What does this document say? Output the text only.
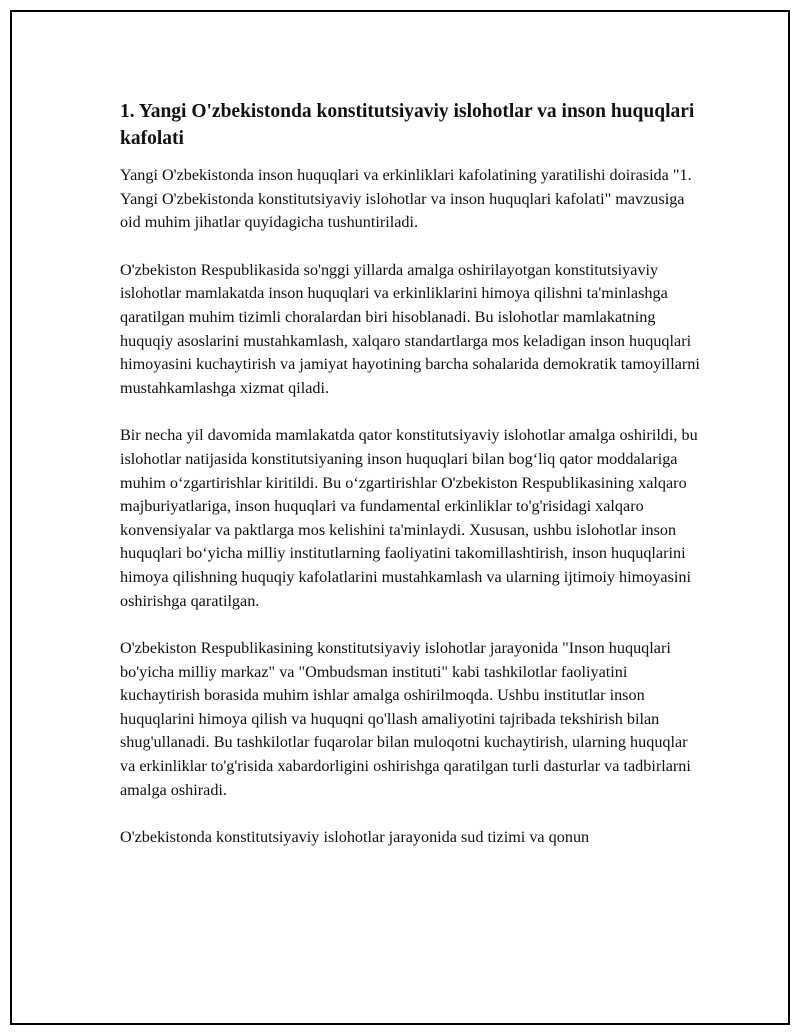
1. Yangi O'zbekistonda konstitutsiyaviy islohotlar va inson huquqlari kafolati

Yangi O'zbekistonda inson huquqlari va erkinliklari kafolatining yaratilishi doirasida "1. Yangi O'zbekistonda konstitutsiyaviy islohotlar va inson huquqlari kafolati" mavzusiga oid muhim jihatlar quyidagicha tushuntiriladi.

O'zbekiston Respublikasida so'nggi yillarda amalga oshirilayotgan konstitutsiyaviy islohotlar mamlakatda inson huquqlari va erkinliklarini himoya qilishni ta'minlashga qaratilgan muhim tizimli choralardan biri hisoblanadi. Bu islohotlar mamlakatning huquqiy asoslarini mustahkamlash, xalqaro standartlarga mos keladigan inson huquqlari himoyasini kuchaytirish va jamiyat hayotining barcha sohalarida demokratik tamoyillarni mustahkamlashga xizmat qiladi.

Bir necha yil davomida mamlakatda qator konstitutsiyaviy islohotlar amalga oshirildi, bu islohotlar natijasida konstitutsiyaning inson huquqlari bilan bog‘liq qator moddalariga muhim o‘zgartirishlar kiritildi. Bu o‘zgartirishlar O'zbekiston Respublikasining xalqaro majburiyatlariga, inson huquqlari va fundamental erkinliklar to'g'risidagi xalqaro konvensiyalar va paktlarga mos kelishini ta'minlaydi. Xususan, ushbu islohotlar inson huquqlari bo‘yicha milliy institutlarning faoliyatini takomillashtirish, inson huquqlarini himoya qilishning huquqiy kafolatlarini mustahkamlash va ularning ijtimoiy himoyasini oshirishga qaratilgan.

O'zbekiston Respublikasining konstitutsiyaviy islohotlar jarayonida "Inson huquqlari bo'yicha milliy markaz" va "Ombudsman instituti" kabi tashkilotlar faoliyatini kuchaytirish borasida muhim ishlar amalga oshirilmoqda. Ushbu institutlar inson huquqlarini himoya qilish va huquqni qo'llash amaliyotini tajribada tekshirish bilan shug'ullanadi. Bu tashkilotlar fuqarolar bilan muloqotni kuchaytirish, ularning huquqlar va erkinliklar to'g'risida xabardorligini oshirishga qaratilgan turli dasturlar va tadbirlarni amalga oshiradi.

O'zbekistonda konstitutsiyaviy islohotlar jarayonida sud tizimi va qonun
